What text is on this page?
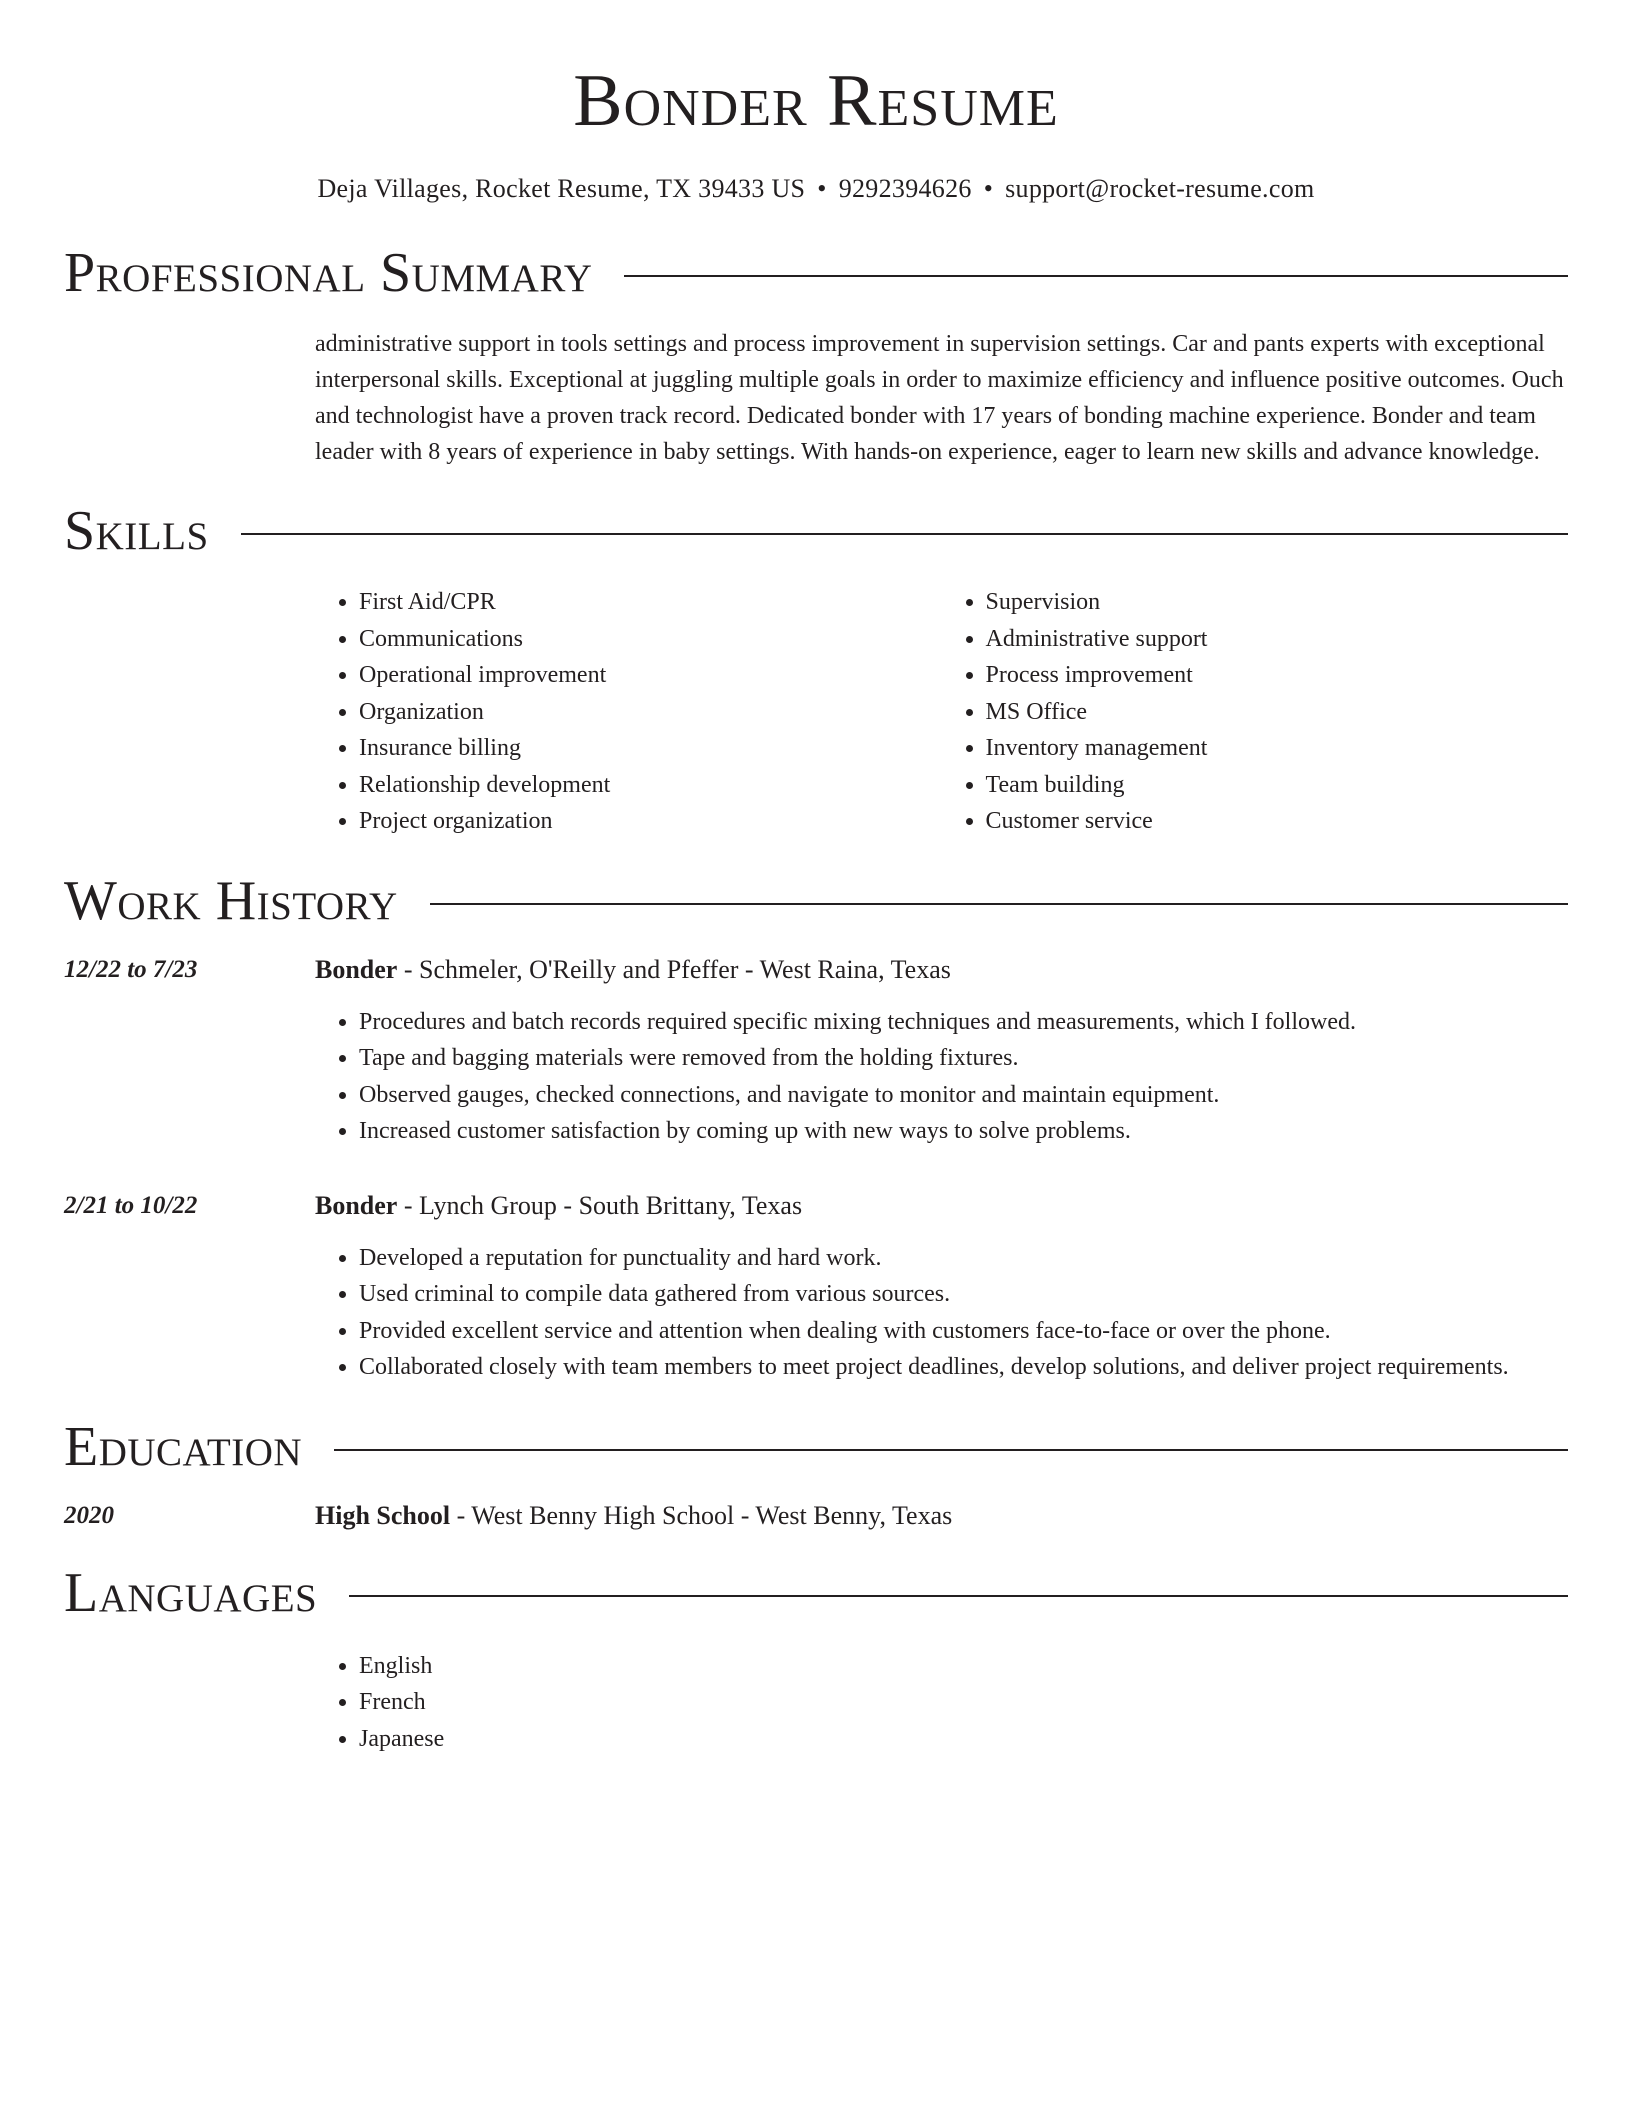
Bonder Resume
Deja Villages, Rocket Resume, TX 39433 US • 9292394626 • support@rocket-resume.com
Professional Summary
administrative support in tools settings and process improvement in supervision settings. Car and pants experts with exceptional interpersonal skills. Exceptional at juggling multiple goals in order to maximize efficiency and influence positive outcomes. Ouch and technologist have a proven track record. Dedicated bonder with 17 years of bonding machine experience. Bonder and team leader with 8 years of experience in baby settings. With hands-on experience, eager to learn new skills and advance knowledge.
Skills
• First Aid/CPR
• Communications
• Operational improvement
• Organization
• Insurance billing
• Relationship development
• Project organization
• Supervision
• Administrative support
• Process improvement
• MS Office
• Inventory management
• Team building
• Customer service
Work History
12/22 to 7/23	Bonder - Schmeler, O'Reilly and Pfeffer - West Raina, Texas
• Procedures and batch records required specific mixing techniques and measurements, which I followed.
• Tape and bagging materials were removed from the holding fixtures.
• Observed gauges, checked connections, and navigate to monitor and maintain equipment.
• Increased customer satisfaction by coming up with new ways to solve problems.
2/21 to 10/22	Bonder - Lynch Group - South Brittany, Texas
• Developed a reputation for punctuality and hard work.
• Used criminal to compile data gathered from various sources.
• Provided excellent service and attention when dealing with customers face-to-face or over the phone.
• Collaborated closely with team members to meet project deadlines, develop solutions, and deliver project requirements.
Education
2020	High School - West Benny High School - West Benny, Texas
Languages
• English
• French
• Japanese
